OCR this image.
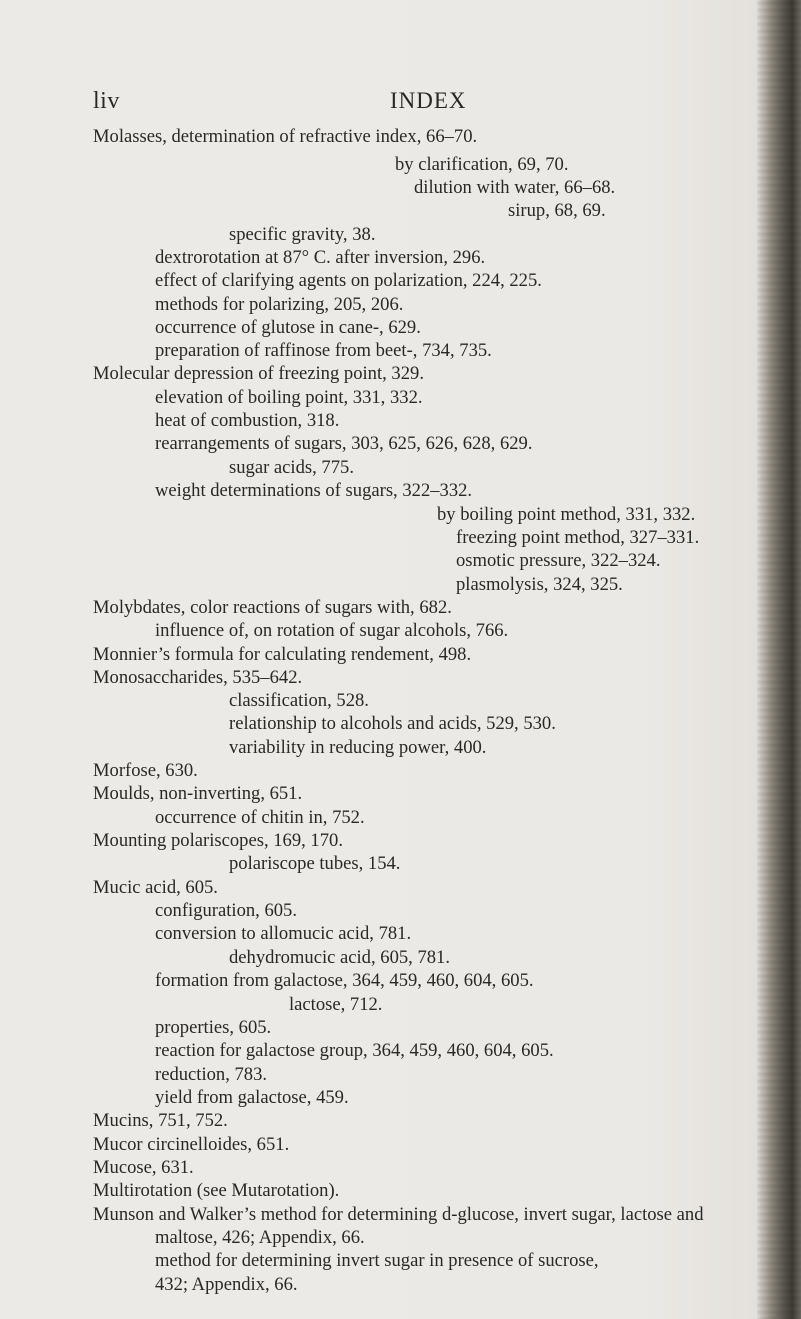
liv	INDEX
Molasses, determination of refractive index, 66–70.
by clarification, 69, 70.
dilution with water, 66–68.
sirup, 68, 69.
specific gravity, 38.
dextrorotation at 87° C. after inversion, 296.
effect of clarifying agents on polarization, 224, 225.
methods for polarizing, 205, 206.
occurrence of glutose in cane-, 629.
preparation of raffinose from beet-, 734, 735.
Molecular depression of freezing point, 329.
elevation of boiling point, 331, 332.
heat of combustion, 318.
rearrangements of sugars, 303, 625, 626, 628, 629.
sugar acids, 775.
weight determinations of sugars, 322–332.
by boiling point method, 331, 332.
freezing point method, 327–331.
osmotic pressure, 322–324.
plasmolysis, 324, 325.
Molybdates, color reactions of sugars with, 682.
influence of, on rotation of sugar alcohols, 766.
Monnier’s formula for calculating rendement, 498.
Monosaccharides, 535–642.
classification, 528.
relationship to alcohols and acids, 529, 530.
variability in reducing power, 400.
Morfose, 630.
Moulds, non-inverting, 651.
occurrence of chitin in, 752.
Mounting polariscopes, 169, 170.
polariscope tubes, 154.
Mucic acid, 605.
configuration, 605.
conversion to allomucic acid, 781.
dehydromucic acid, 605, 781.
formation from galactose, 364, 459, 460, 604, 605.
lactose, 712.
properties, 605.
reaction for galactose group, 364, 459, 460, 604, 605.
reduction, 783.
yield from galactose, 459.
Mucins, 751, 752.
Mucor circinelloides, 651.
Mucose, 631.
Multirotation (see Mutarotation).
Munson and Walker’s method for determining d-glucose, invert sugar, lactose and
maltose, 426; Appendix, 66.
method for determining invert sugar in presence of sucrose,
432; Appendix, 66.
